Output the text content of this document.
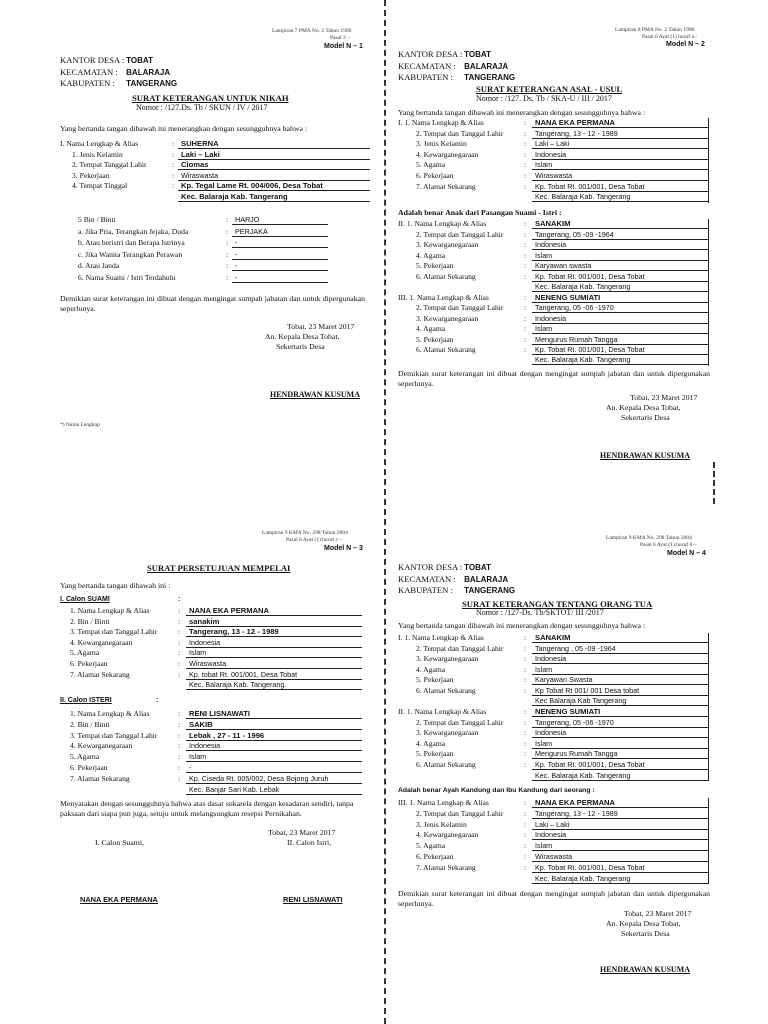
Lampiran 7 PMA No. 2 Tahun 1990
Pasal 3 –
Model N – 1
KANTOR DESA : TOBAT
KECAMATAN : BALARAJA
KABUPATEN : TANGERANG
SURAT KETERANGAN UNTUK NIKAH
Nomor : /127.Ds. Tb / SKUN / IV / 2017
Yang bertanda tangan dibawah ini menerangkan dengan sesungguhnya bahwa :
I. Nama Lengkap & Alias	: SUHERNA
1. Jenis Kelamin	: Laki – Laki
2. Tempat Tanggal Lahir	: Ciomas
3. Pekerjaan	: Wiraswasta
4. Tempat Tinggal	: Kp. Tegal Lame Rt. 004/006, Desa Tobat
Kec. Balaraja Kab. Tangerang
5 Bin / Binti	: HARJO
a. Jika Pria, Terangkan Jejaka, Duda	: PERJAKA
b. Atau beristri dan Berapa Istrinya	: -
c. Jika Wanita Terangkan Perawan	: -
d. Atau Janda	: -
6. Nama Suami / Istri Terdahulu	: -
Demikian surat keterangan ini dibuat dengan mengingat sumpah jabatan dan untuk dipergunakan seperlunya.
Tobat, 23 Maret 2017
An. Kepala Desa Tobat,
Sekertaris Desa
HENDRAWAN KUSUMA
*) Nama Lengkap
Lampiran 8 PMA No. 2 Tahun 1990
Pasal 6 Ayat (1) huruf a -
Model N – 2
KANTOR DESA : TOBAT
KECAMATAN : BALARAJA
KABUPATEN : TANGERANG
SURAT KETERANGAN ASAL - USUL
Nomor : /127. Ds. Tb / SKA-U / III / 2017
Yang bertanda tangan dibawah ini menerangkan dengan sesungguhnya bahwa :
I. 1. Nama Lengkap & Alias	:	NANA EKA PERMANA
2. Tempat dan Tanggal Lahir	:	Tangerang, 13 - 12 - 1989
3. Jenis Kelamin	:	Laki – Laki
4. Kewarganegaraan	:	Indonesia
5. Agama	:	Islam
6. Pekerjaan	:	Wiraswasta
7. Alamat Sekarang	:	Kp. Tobat Rt. 001/001, Desa Tobat
Kec. Balaraja Kab. Tangerang
Adalah benar Anak dari Pasangan Suami - Istri :
II. 1. Nama Lengkap & Alias	:	SANAKIM
2. Tempat dan Tanggal Lahir	:	Tangerang, 05 -09 -1964
3. Kewarganegaraan	:	Indonesia
4. Agama	:	Islam
5. Pekerjaan	:	Karyawan swasta
6. Alamat Sekarang	:	Kp. Tobat Rt. 001/001, Desa Tobat
Kec. Balaraja Kab. Tangerang
III. 1. Nama Lengkap & Alias	:	NENENG SUMIATI
2. Tempat dan Tanggal Lahir	:	Tangerang, 05 -06 -1970
3. Kewarganegaraan	:	Indonesia
4. Agama	:	Islam
5. Pekerjaan	:	Mengurus Rumah Tangga
6. Alamat Sekarang	:	Kp. Tobat Rt. 001/001, Desa Tobat
Kec. Balaraja Kab. Tangerang
Demikian surat keterangan ini dibuat dengan mengingat sumpah jabatan dan untuk dipergunakan seperlunya.
Tobat, 23 Maret 2017
An. Kepala Desa Tobat,
Sekertaris Desa
HENDRAWAN KUSUMA
Lampiran 9 KMA No. 298 Tahun 2004
Pasal 6 Ayat (1) huruf c –
Model N – 3
SURAT PERSETUJUAN MEMPELAI
Yang bertanda tangan dibawah ini :
I. Calon SUAMI	:
1. Nama Lengkap & Alias	:	NANA EKA PERMANA
2. Bin / Binti	:	sanakim
3. Tempat dan Tanggal Lahir	:	Tangerang, 13 - 12 - 1989
4. Kewarganegaraan	:	Indonesia
5. Agama	:	Islam
6. Pekerjaan	:	Wiraswasta
7. Alamat Sekarang	:	Kp. tobat Rt. 001/001, Desa Tobat
Kec. Balaraja Kab. Tangerang.
II. Calon ISTERI	:
1. Nama Lengkap & Alias	:	RENI LISNAWATI
2. Bin / Binti	:	SAKIB
3. Tempat dan Tanggal Lahir	:	Lebak , 27 - 11 - 1996
4. Kewarganegaraan	:	Indonesia
5. Agama	:	Islam
6. Pekerjaan	:	-
7. Alamat Sekarang	:	Kp. Ciseda Rt. 005/002, Desa Bojong Juruh
Kec. Banjar Sari Kab. Lebak
Menyatakan dengan sesungguhnya bahwa atas dasar sukarela dengan kesadaran sendiri, tanpa paksaan dari siapa pun juga, setuju untuk melangsungkan resepsi Pernikahan.
Tobat, 23 Maret 2017
I. Calon Suami,	II. Calon Istri,
NANA EKA PERMANA	RENI LISNAWATI
Lampiran 9 KMA No. 298 Tahun 2004
Pasal 6 Ayat (1) huruf d –
Model N – 4
KANTOR DESA : TOBAT
KECAMATAN : BALARAJA
KABUPATEN : TANGERANG
SURAT KETERANGAN TENTANG ORANG TUA
Nomor : /127-Ds. Tb/SKTOT/ III /2017
Yang bertanda tangan dibawah ini menerangkan dengan sesungguhnya bahwa :
I. 1. Nama Lengkap & Alias	:	SANAKIM
2. Tempat dan Tanggal Lahir	:	Tangerang , 05 -09 -1964
3. Kewarganegaraan	:	Indonesia
4. Agama	:	Islam
5. Pekerjaan	:	Karyawan Swasta
6. Alamat Sekarang	:	Kp Tobat Rt 001/ 001 Desa tobat
Kec Balaraja Kab Tangerang
II. 1. Nama Lengkap & Alias	:	NENENG SUMIATI
2. Tempat dan Tanggal Lahir	:	Tangerang, 05 -06 -1970
3. Kewarganegaraan	:	Indonesia
4. Agama	:	Islam
5. Pekerjaan	:	Mengurus Rumah Tangga
6. Alamat Sekarang	:	Kp. Tobat Rt. 001/001, Desa Tobat
Kec. Balaraja Kab. Tangerang
Adalah benar Ayah Kandung dan Ibu Kandung dari seorang :
III. 1. Nama Lengkap & Alias	:	NANA EKA PERMANA
2. Tempat dan Tanggal Lahir	:	Tangerang, 13 - 12 - 1989
3. Jenis Kelamin	:	Laki – Laki
4. Kewarganegaraan	:	Indonesia
5. Agama	:	Islam
6. Pekerjaan	:	Wiraswasta
7. Alamat Sekarang	:	Kp. Tobat Rt. 001/001, Desa Tobat
Kec. Balaraja Kab. Tangerang
Demikian surat keterangan ini dibuat dengan mengingat sumpah jabatan dan untuk dipergunakan seperlunya.
Tobat, 23 Maret 2017
An. Kepala Desa Tobat,
Sekertaris Desa
HENDRAWAN KUSUMA
